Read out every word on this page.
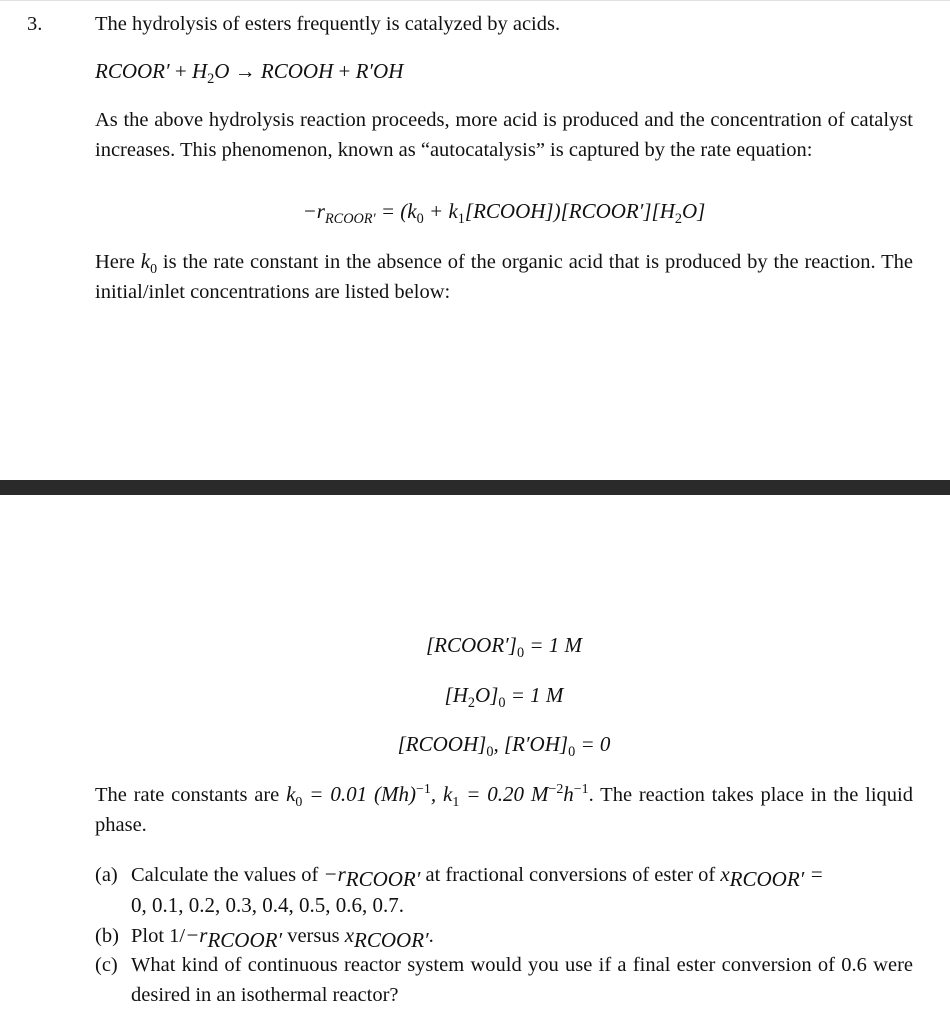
3.	The hydrolysis of esters frequently is catalyzed by acids.
RCOOR′ + $H_2O$ → RCOOH + R′OH
As the above hydrolysis reaction proceeds, more acid is produced and the concentration of catalyst increases. This phenomenon, known as “autocatalysis” is captured by the rate equation:
$-r_{RCOOR'} = (k_0$ + $k_1[RCOOH])[RCOOR'][H_2O]$
Here $k_0$ is the rate constant in the absence of the organic acid that is produced by the reaction. The initial/inlet concentrations are listed below:
$[RCOOR']_0 = 1$ M
$[H_2O]_0 = 1$ M
$[RCOOH]_0$, $[R'OH]_0 = 0$
The rate constants are $k_0 = 0.01$ $(Mh)^{-1}$, $k_1 = 0.20$ $M^{-2}h^{-1}$. The reaction takes place in the liquid phase.
(a) Calculate the values of $-r_{RCOOR'}$ at fractional conversions of ester of $x_{RCOOR'}$ =
0, 0.1, 0.2, 0.3, 0.4, 0.5, 0.6, 0.7.
(b) Plot $1/-r_{RCOOR'}$ versus $x_{RCOOR'}$.
(c) What kind of continuous reactor system would you use if a final ester conversion of 0.6 were desired in an isothermal reactor?
